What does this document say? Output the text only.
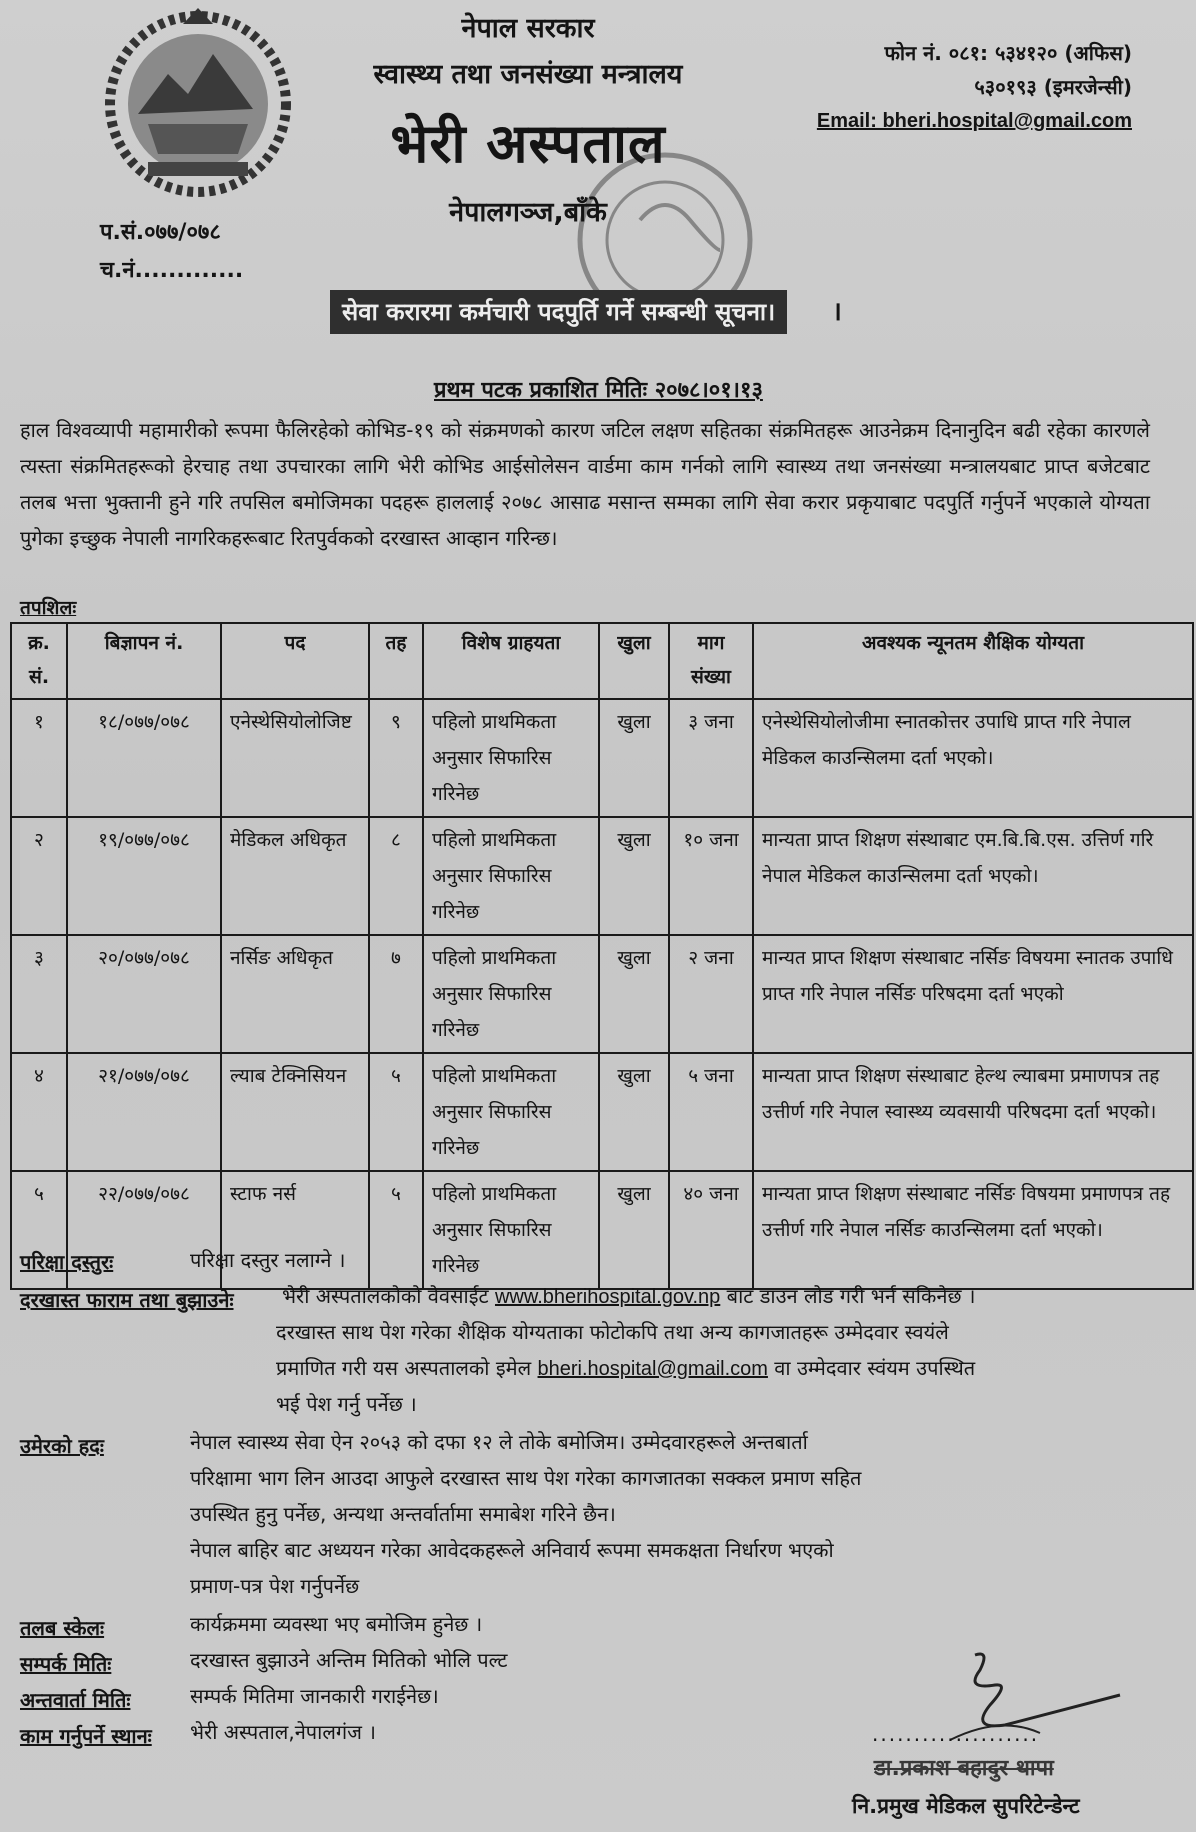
नेपाल सरकार
स्वास्थ्य तथा जनसंख्या मन्त्रालय
भेरी अस्पताल
नेपालगञ्ज,बाँके
फोन नं. ०८१: ५३४१२० (अफिस)
५३०१९३ (इमरजेन्सी)
Email: bheri.hospital@gmail.com
प.सं.०७७/०७८
च.नं.............
सेवा करारमा कर्मचारी पदपुर्ति गर्ने सम्बन्धी सूचना।	।
प्रथम पटक प्रकाशित मितिः २०७८।०१।१३
हाल विश्वव्यापी महामारीको रूपमा फैलिरहेको कोभिड-१९ को संक्रमणको कारण जटिल लक्षण सहितका संक्रमितहरू आउनेक्रम दिनानुदिन बढी रहेका कारणले त्यस्ता संक्रमितहरूको हेरचाह तथा उपचारका लागि भेरी कोभिड आईसोलेसन वार्डमा काम गर्नको लागि स्वास्थ्य तथा जनसंख्या मन्त्रालयबाट प्राप्त बजेटबाट तलब भत्ता भुक्तानी हुने गरि तपसिल बमोजिमका पदहरू हाललाई २०७८ आसाढ मसान्त सम्मका लागि सेवा करार प्रकृयाबाट पदपुर्ति गर्नुपर्ने भएकाले योग्यता पुगेका इच्छुक नेपाली नागरिकहरूबाट रितपुर्वकको दरखास्त आव्हान गरिन्छ।
तपशिलः
क्र. सं.	बिज्ञापन नं.	पद	तह	विशेष ग्राहयता	खुला	माग संख्या	अवश्यक न्यूनतम शैक्षिक योग्यता
१	१८/०७७/०७८	एनेस्थेसियोलोजिष्ट	९	पहिलो प्राथमिकता अनुसार सिफारिस गरिनेछ	खुला	३ जना	एनेस्थेसियोलोजीमा स्नातकोत्तर उपाधि प्राप्त गरि नेपाल मेडिकल काउन्सिलमा दर्ता भएको।
२	१९/०७७/०७८	मेडिकल अधिकृत	८	पहिलो प्राथमिकता अनुसार सिफारिस गरिनेछ	खुला	१० जना	मान्यता प्राप्त शिक्षण संस्थाबाट एम.बि.बि.एस. उत्तिर्ण गरि नेपाल मेडिकल काउन्सिलमा दर्ता भएको।
३	२०/०७७/०७८	नर्सिङ अधिकृत	७	पहिलो प्राथमिकता अनुसार सिफारिस गरिनेछ	खुला	२ जना	मान्यत प्राप्त शिक्षण संस्थाबाट नर्सिङ विषयमा स्नातक उपाधि प्राप्त गरि नेपाल नर्सिङ परिषदमा दर्ता भएको
४	२१/०७७/०७८	ल्याब टेक्निसियन	५	पहिलो प्राथमिकता अनुसार सिफारिस गरिनेछ	खुला	५ जना	मान्यता प्राप्त शिक्षण संस्थाबाट हेल्थ ल्याबमा प्रमाणपत्र तह उत्तीर्ण गरि नेपाल स्वास्थ्य व्यवसायी परिषदमा दर्ता भएको।
५	२२/०७७/०७८	स्टाफ नर्स	५	पहिलो प्राथमिकता अनुसार सिफारिस गरिनेछ	खुला	४० जना	मान्यता प्राप्त शिक्षण संस्थाबाट नर्सिङ विषयमा प्रमाणपत्र तह उत्तीर्ण गरि नेपाल नर्सिङ काउन्सिलमा दर्ता भएको।
परिक्षा दस्तुरः	परिक्षा दस्तुर नलाग्ने ।
दरखास्त फाराम तथा बुझाउनेः भेरी अस्पतालकोको वेवसाईट www.bherihospital.gov.np बाट डाउन लोड गरी भर्न सकिनेछ ।
दरखास्त साथ पेश गरेका शैक्षिक योग्यताका फोटोकपि तथा अन्य कागजातहरू उम्मेदवार स्वयंले
प्रमाणित गरी यस अस्पतालको इमेल bheri.hospital@gmail.com वा उम्मेदवार स्वंयम उपस्थित
भई पेश गर्नु पर्नेछ ।
उमेरको हदः	नेपाल स्वास्थ्य सेवा ऐन २०५३ को दफा १२ ले तोके बमोजिम। उम्मेदवारहरूले अन्तबार्ता
परिक्षामा भाग लिन आउदा आफुले दरखास्त साथ पेश गरेका कागजातका सक्कल प्रमाण सहित
उपस्थित हुनु पर्नेछ, अन्यथा अन्तर्वार्तामा समाबेश गरिने छैन।
नेपाल बाहिर बाट अध्ययन गरेका आवेदकहरूले अनिवार्य रूपमा समकक्षता निर्धारण भएको
प्रमाण-पत्र पेश गर्नुपर्नेछ
तलब स्केलः	कार्यक्रममा व्यवस्था भए बमोजिम हुनेछ ।
सम्पर्क मितिः	दरखास्त बुझाउने अन्तिम मितिको भोलि पल्ट
अन्तवार्ता मितिः	सम्पर्क मितिमा जानकारी गराईनेछ।
काम गर्नुपर्ने स्थानः भेरी अस्पताल,नेपालगंज ।	....................
डा.प्रकाश बहादुर थापा
नि.प्रमुख मेडिकल सुपरिटेन्डेन्ट
